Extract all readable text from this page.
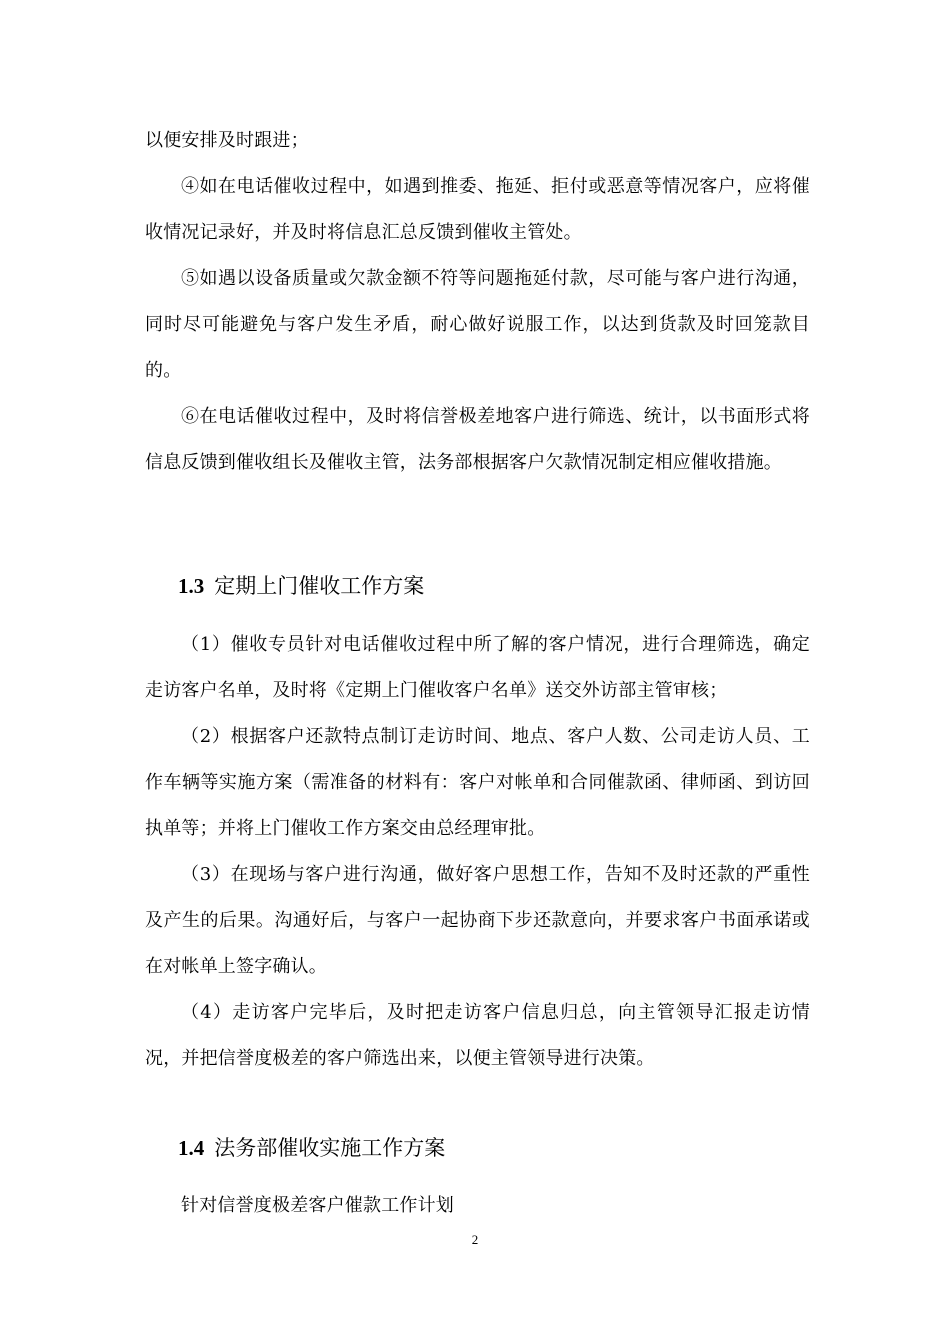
以便安排及时跟进；

④如在电话催收过程中，如遇到推委、拖延、拒付或恶意等情况客户，应将催收情况记录好，并及时将信息汇总反馈到催收主管处。

⑤如遇以设备质量或欠款金额不符等问题拖延付款，尽可能与客户进行沟通，同时尽可能避免与客户发生矛盾，耐心做好说服工作，以达到货款及时回笼款目的。

⑥在电话催收过程中，及时将信誉极差地客户进行筛选、统计，以书面形式将信息反馈到催收组长及催收主管，法务部根据客户欠款情况制定相应催收措施。

1.3 定期上门催收工作方案

（1）催收专员针对电话催收过程中所了解的客户情况，进行合理筛选，确定走访客户名单，及时将《定期上门催收客户名单》送交外访部主管审核；

（2）根据客户还款特点制订走访时间、地点、客户人数、公司走访人员、工作车辆等实施方案（需准备的材料有：客户对帐单和合同催款函、律师函、到访回执单等；并将上门催收工作方案交由总经理审批。

（3）在现场与客户进行沟通，做好客户思想工作，告知不及时还款的严重性及产生的后果。沟通好后，与客户一起协商下步还款意向，并要求客户书面承诺或在对帐单上签字确认。

（4）走访客户完毕后，及时把走访客户信息归总，向主管领导汇报走访情况，并把信誉度极差的客户筛选出来，以便主管领导进行决策。

1.4 法务部催收实施工作方案

针对信誉度极差客户催款工作计划

2
